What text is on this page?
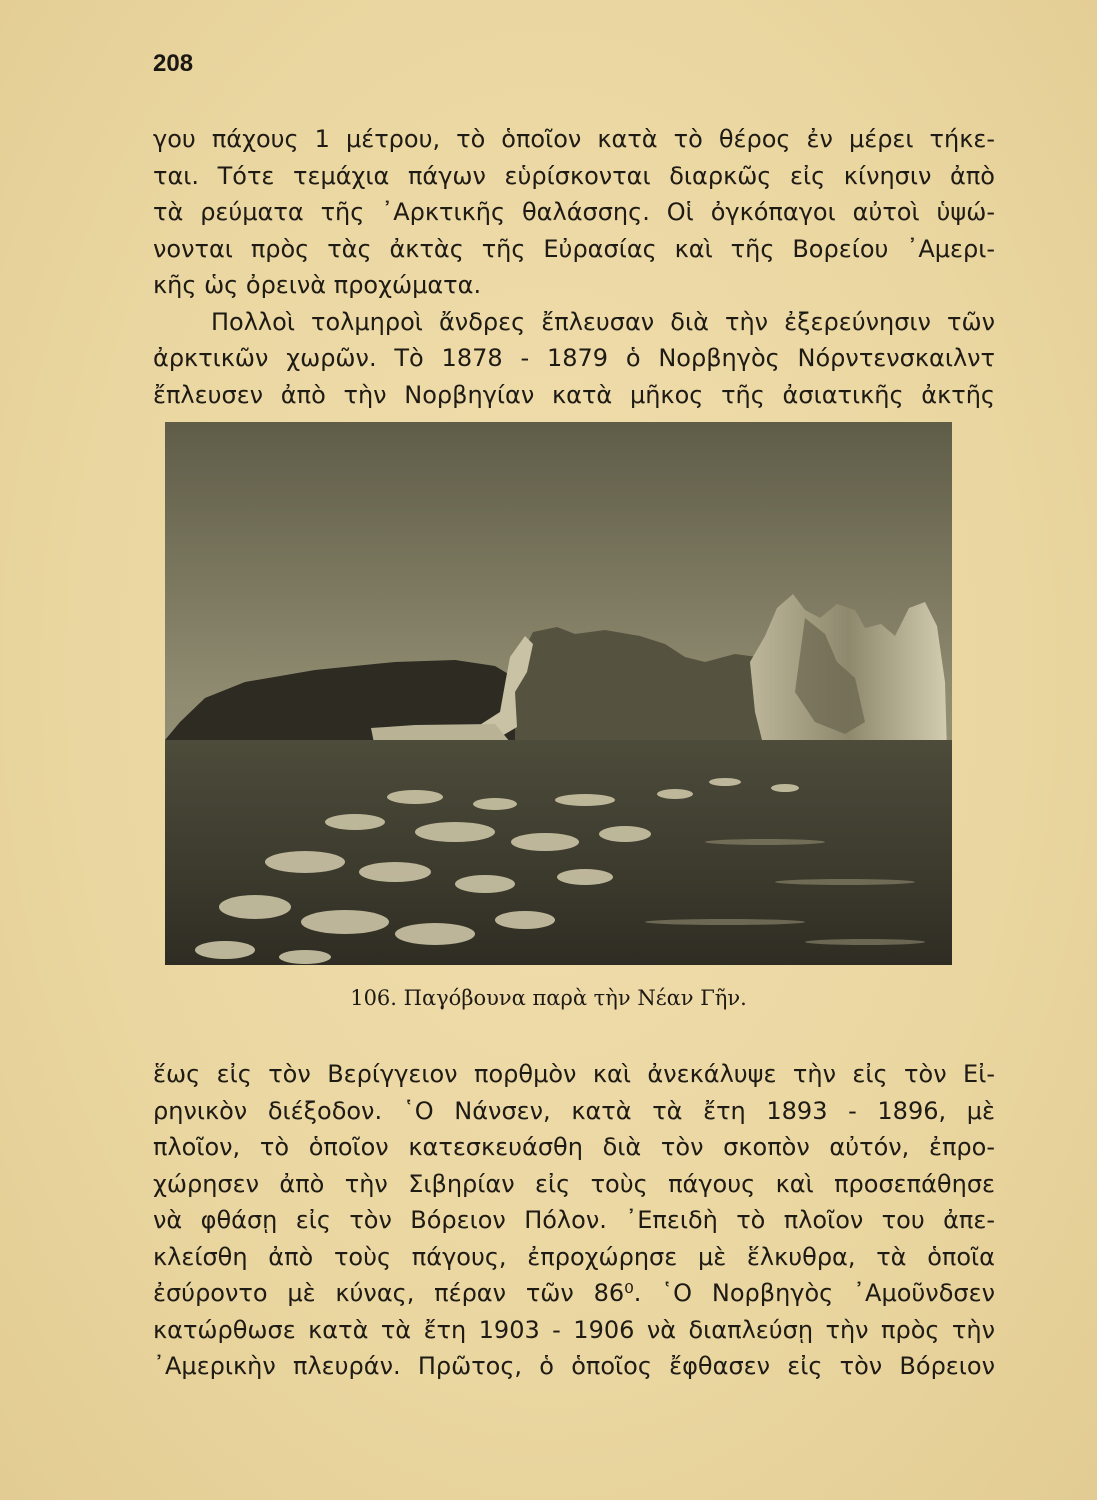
208
γου πάχους 1 μέτρου, τὸ ὁποῖον κατὰ τὸ θέρος ἐν μέρει τήκε-
ται. Τότε τεμάχια πάγων εὑρίσκονται διαρκῶς εἰς κίνησιν ἀπὸ
τὰ ρεύματα τῆς ᾿Αρκτικῆς θαλάσσης. Οἱ ὀγκόπαγοι αὐτοὶ ὑψώ-
νονται πρὸς τὰς ἀκτὰς τῆς Εὐρασίας καὶ τῆς Βορείου ᾿Αμερι-
κῆς ὡς ὀρεινὰ προχώματα.
Πολλοὶ τολμηροὶ ἄνδρες ἔπλευσαν διὰ τὴν ἐξερεύνησιν τῶν
ἀρκτικῶν χωρῶν. Τὸ 1878 - 1879 ὁ Νορβηγὸς Νόρντενσκαιλντ
ἔπλευσεν ἀπὸ τὴν Νορβηγίαν κατὰ μῆκος τῆς ἀσιατικῆς ἀκτῆς
106. Παγόβουνα παρὰ τὴν Νέαν Γῆν.
ἕως εἰς τὸν Βερίγγειον πορθμὸν καὶ ἀνεκάλυψε τὴν εἰς τὸν Εἰ-
ρηνικὸν διέξοδον. ῾Ο Νάνσεν, κατὰ τὰ ἔτη 1893 - 1896, μὲ
πλοῖον, τὸ ὁποῖον κατεσκευάσθη διὰ τὸν σκοπὸν αὐτόν, ἐπρο-
χώρησεν ἀπὸ τὴν Σιβηρίαν εἰς τοὺς πάγους καὶ προσεπάθησε
νὰ φθάσῃ εἰς τὸν Βόρειον Πόλον. ᾿Επειδὴ τὸ πλοῖον του ἀπε-
κλείσθη ἀπὸ τοὺς πάγους, ἐπροχώρησε μὲ ἕλκυθρα, τὰ ὁποῖα
ἐσύροντο μὲ κύνας, πέραν τῶν 86⁰. ῾Ο Νορβηγὸς ᾿Αμοῦνδσεν
κατώρθωσε κατὰ τὰ ἔτη 1903 - 1906 νὰ διαπλεύσῃ τὴν πρὸς τὴν
᾿Αμερικὴν πλευράν. Πρῶτος, ὁ ὁποῖος ἔφθασεν εἰς τὸν Βόρειον
